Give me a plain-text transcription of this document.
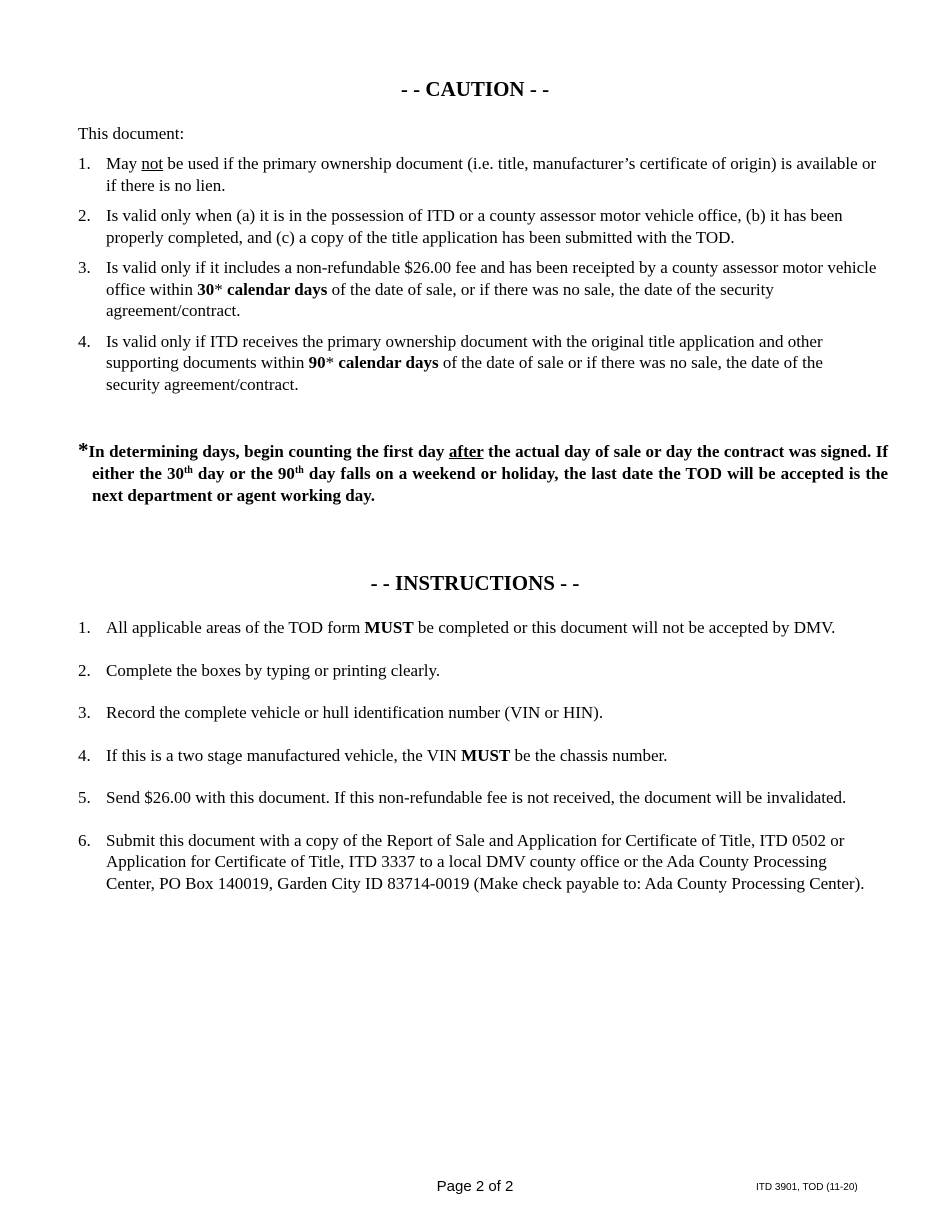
- - CAUTION - -
This document:
1. May not be used if the primary ownership document (i.e. title, manufacturer’s certificate of origin) is available or if there is no lien.
2. Is valid only when (a) it is in the possession of ITD or a county assessor motor vehicle office, (b) it has been properly completed, and (c) a copy of the title application has been submitted with the TOD.
3. Is valid only if it includes a non-refundable $26.00 fee and has been receipted by a county assessor motor vehicle office within 30* calendar days of the date of sale, or if there was no sale, the date of the security agreement/contract.
4. Is valid only if ITD receives the primary ownership document with the original title application and other supporting documents within 90* calendar days of the date of sale or if there was no sale, the date of the security agreement/contract.
*In determining days, begin counting the first day after the actual day of sale or day the contract was signed. If either the 30th day or the 90th day falls on a weekend or holiday, the last date the TOD will be accepted is the next department or agent working day.
- - INSTRUCTIONS - -
1. All applicable areas of the TOD form MUST be completed or this document will not be accepted by DMV.
2. Complete the boxes by typing or printing clearly.
3. Record the complete vehicle or hull identification number (VIN or HIN).
4. If this is a two stage manufactured vehicle, the VIN MUST be the chassis number.
5. Send $26.00 with this document. If this non-refundable fee is not received, the document will be invalidated.
6. Submit this document with a copy of the Report of Sale and Application for Certificate of Title, ITD 0502 or Application for Certificate of Title, ITD 3337 to a local DMV county office or the Ada County Processing Center, PO Box 140019, Garden City ID 83714-0019 (Make check payable to: Ada County Processing Center).
Page 2 of 2	ITD 3901, TOD (11-20)
